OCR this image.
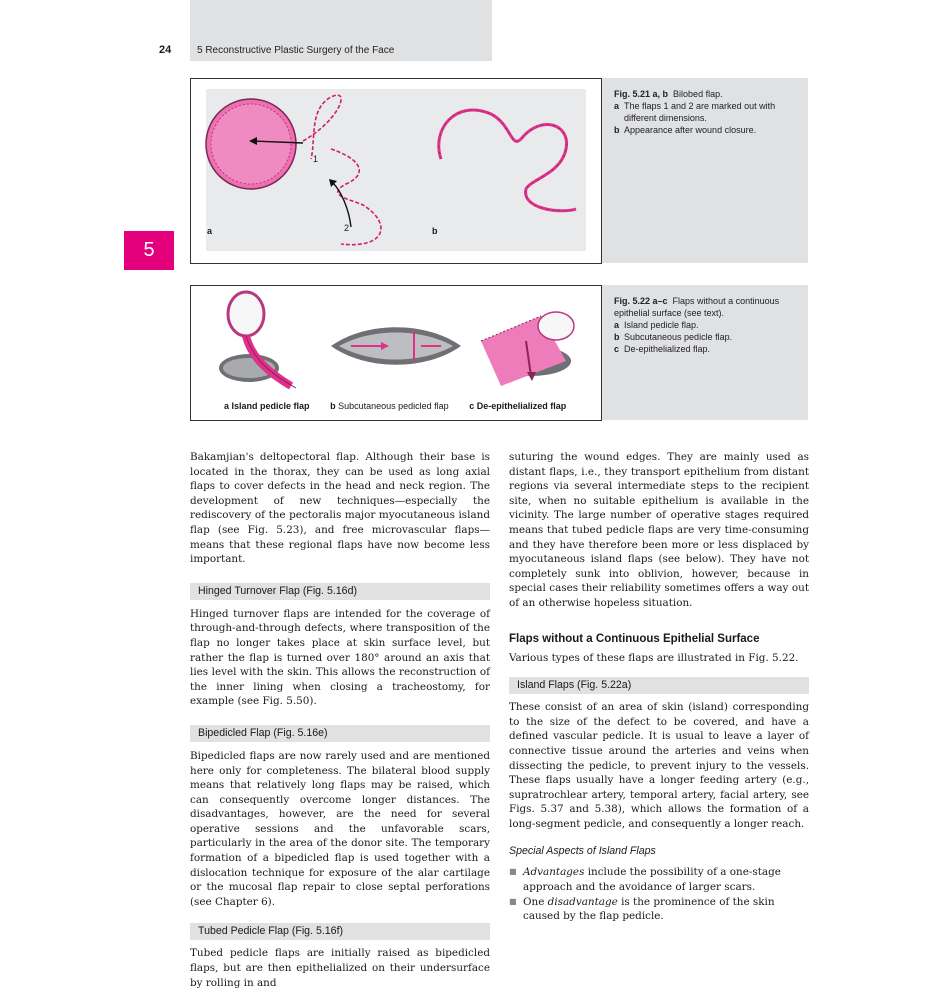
24	5 Reconstructive Plastic Surgery of the Face
5
a	b
1
2
Fig. 5.21 a, b Bilobed flap.
a The flaps 1 and 2 are marked out with different dimensions.
b Appearance after wound closure.
a Island pedicle flap b Subcutaneous pedicled flap c De-epithelialized flap
Fig. 5.22 a–c Flaps without a continuous epithelial surface (see text).
a Island pedicle flap.
b Subcutaneous pedicle flap.
c De-epithelialized flap.
Bakamjian's deltopectoral flap. Although their base is located in the thorax, they can be used as long axial flaps to cover defects in the head and neck region. The development of new techniques—especially the rediscovery of the pectoralis major myocutaneous island flap (see Fig. 5.23), and free microvascular flaps—means that these regional flaps have now become less important.
Hinged Turnover Flap (Fig. 5.16d)
Hinged turnover flaps are intended for the coverage of through-and-through defects, where transposition of the flap no longer takes place at skin surface level, but rather the flap is turned over 180° around an axis that lies level with the skin. This allows the reconstruction of the inner lining when closing a tracheostomy, for example (see Fig. 5.50).
Bipedicled Flap (Fig. 5.16e)
Bipedicled flaps are now rarely used and are mentioned here only for completeness. The bilateral blood supply means that relatively long flaps may be raised, which can consequently overcome longer distances. The disadvantages, however, are the need for several operative sessions and the unfavorable scars, particularly in the area of the donor site. The temporary formation of a bipedicled flap is used together with a dislocation technique for exposure of the alar cartilage or the mucosal flap repair to close septal perforations (see Chapter 6).
Tubed Pedicle Flap (Fig. 5.16f)
Tubed pedicle flaps are initially raised as bipedicled flaps, but are then epithelialized on their undersurface by rolling in and
suturing the wound edges. They are mainly used as distant flaps, i.e., they transport epithelium from distant regions via several intermediate steps to the recipient site, when no suitable epithelium is available in the vicinity. The large number of operative stages required means that tubed pedicle flaps are very time-consuming and they have therefore been more or less displaced by myocutaneous island flaps (see below). They have not completely sunk into oblivion, however, because in special cases their reliability sometimes offers a way out of an otherwise hopeless situation.
Flaps without a Continuous Epithelial Surface
Various types of these flaps are illustrated in Fig. 5.22.
Island Flaps (Fig. 5.22a)
These consist of an area of skin (island) corresponding to the size of the defect to be covered, and have a defined vascular pedicle. It is usual to leave a layer of connective tissue around the arteries and veins when dissecting the pedicle, to prevent injury to the vessels. These flaps usually have a longer feeding artery (e.g., supratrochlear artery, temporal artery, facial artery, see Figs. 5.37 and 5.38), which allows the formation of a long-segment pedicle, and consequently a longer reach.
Special Aspects of Island Flaps
■ Advantages include the possibility of a one-stage approach and the avoidance of larger scars.
■ One disadvantage is the prominence of the skin caused by the flap pedicle.
